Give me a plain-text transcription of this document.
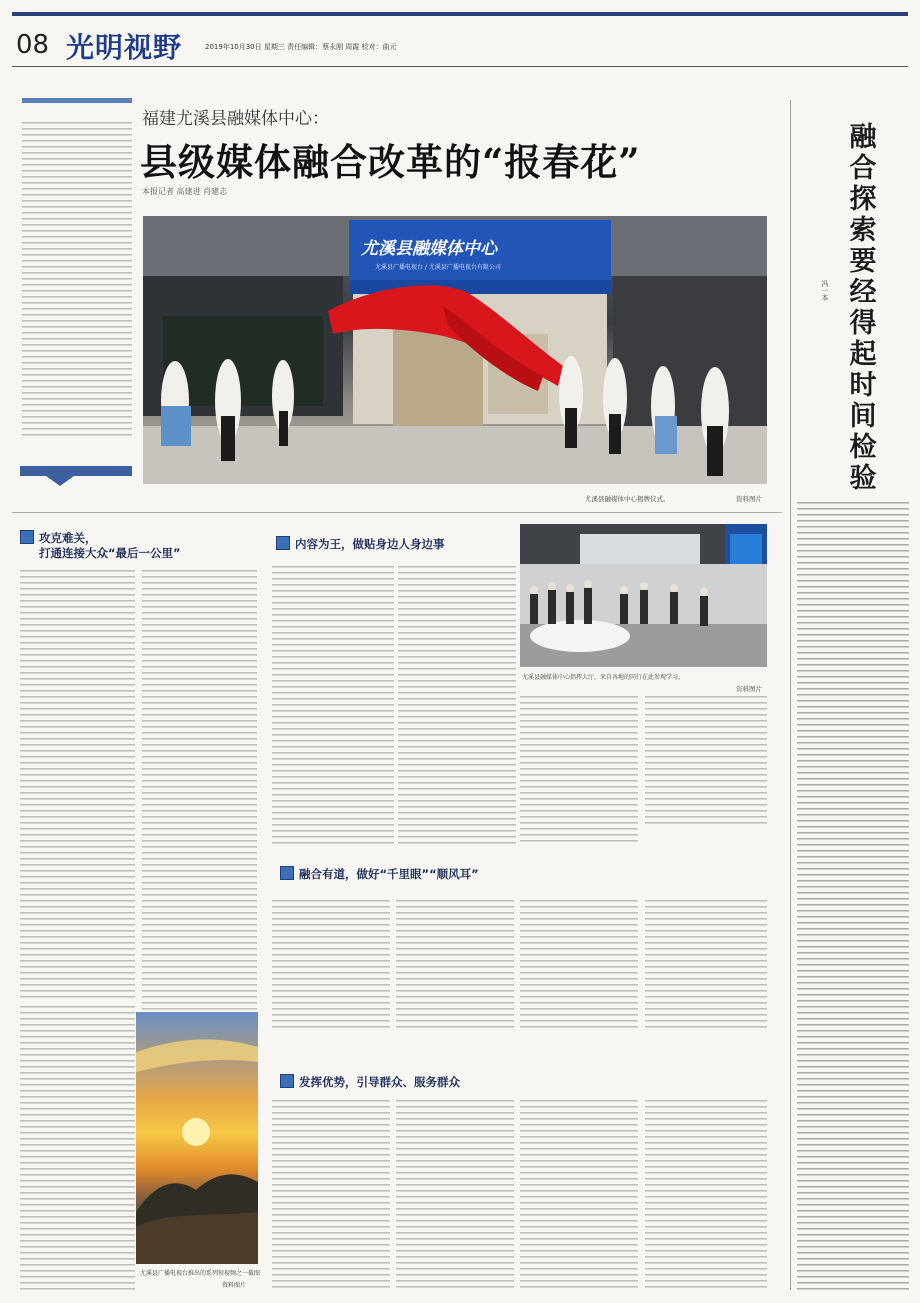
08 光明视野	2019年10月30日 星期三 责任编辑：蔡永刚 周霞 校对：曲元
福建尤溪县融媒体中心：
县级媒体融合改革的“报春花”
本报记者 高建进 肖建志
尤溪县融媒体中心
尤溪县广播电视台 / 尤溪县广播电视台有限公司
尤溪县融媒体中心揭牌仪式。	资料图片
融合探索要经得起时间检验
冯一本
攻克难关，
打通连接大众“最后一公里”
内容为王，做贴身边人身边事
尤溪县融媒体中心指挥大厅，来自各地的同行在此参观学习。
资料图片
融合有道，做好“千里眼”“顺风耳”
尤溪县广播电视台推出的系列短视频之一截图
资料图片
发挥优势，引导群众、服务群众
